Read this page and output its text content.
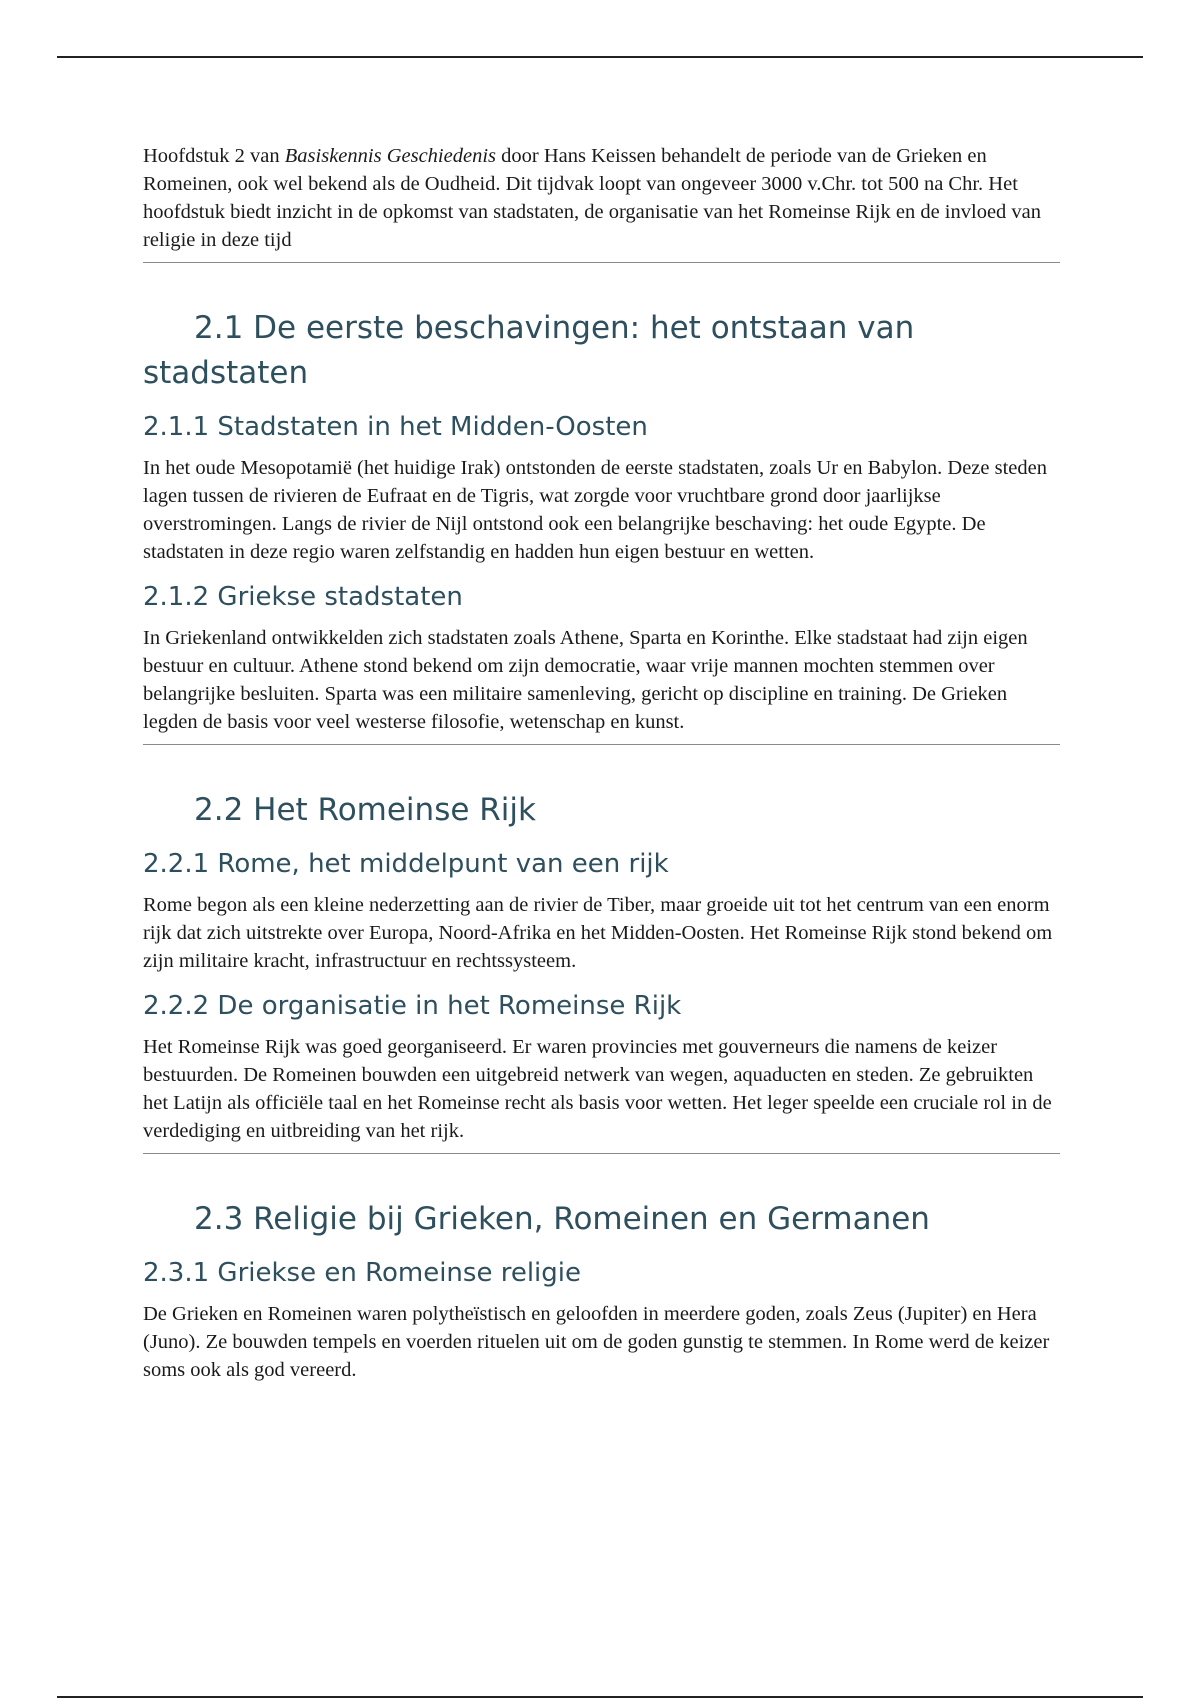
Hoofdstuk 2 van Basiskennis Geschiedenis door Hans Keissen behandelt de periode van de Grieken en Romeinen, ook wel bekend als de Oudheid. Dit tijdvak loopt van ongeveer 3000 v.Chr. tot 500 na Chr. Het hoofdstuk biedt inzicht in de opkomst van stadstaten, de organisatie van het Romeinse Rijk en de invloed van religie in deze tijd

2.1 De eerste beschavingen: het ontstaan van stadstaten
2.1.1 Stadstaten in het Midden-Oosten

In het oude Mesopotamië (het huidige Irak) ontstonden de eerste stadstaten, zoals Ur en Babylon. Deze steden lagen tussen de rivieren de Eufraat en de Tigris, wat zorgde voor vruchtbare grond door jaarlijkse overstromingen. Langs de rivier de Nijl ontstond ook een belangrijke beschaving: het oude Egypte. De stadstaten in deze regio waren zelfstandig en hadden hun eigen bestuur en wetten.

2.1.2 Griekse stadstaten

In Griekenland ontwikkelden zich stadstaten zoals Athene, Sparta en Korinthe. Elke stadstaat had zijn eigen bestuur en cultuur. Athene stond bekend om zijn democratie, waar vrije mannen mochten stemmen over belangrijke besluiten. Sparta was een militaire samenleving, gericht op discipline en training. De Grieken legden de basis voor veel westerse filosofie, wetenschap en kunst.

2.2 Het Romeinse Rijk
2.2.1 Rome, het middelpunt van een rijk

Rome begon als een kleine nederzetting aan de rivier de Tiber, maar groeide uit tot het centrum van een enorm rijk dat zich uitstrekte over Europa, Noord-Afrika en het Midden-Oosten. Het Romeinse Rijk stond bekend om zijn militaire kracht, infrastructuur en rechtssysteem.

2.2.2 De organisatie in het Romeinse Rijk

Het Romeinse Rijk was goed georganiseerd. Er waren provincies met gouverneurs die namens de keizer bestuurden. De Romeinen bouwden een uitgebreid netwerk van wegen, aquaducten en steden. Ze gebruikten het Latijn als officiële taal en het Romeinse recht als basis voor wetten. Het leger speelde een cruciale rol in de verdediging en uitbreiding van het rijk.

2.3 Religie bij Grieken, Romeinen en Germanen
2.3.1 Griekse en Romeinse religie

De Grieken en Romeinen waren polytheïstisch en geloofden in meerdere goden, zoals Zeus (Jupiter) en Hera (Juno). Ze bouwden tempels en voerden rituelen uit om de goden gunstig te stemmen. In Rome werd de keizer soms ook als god vereerd.
